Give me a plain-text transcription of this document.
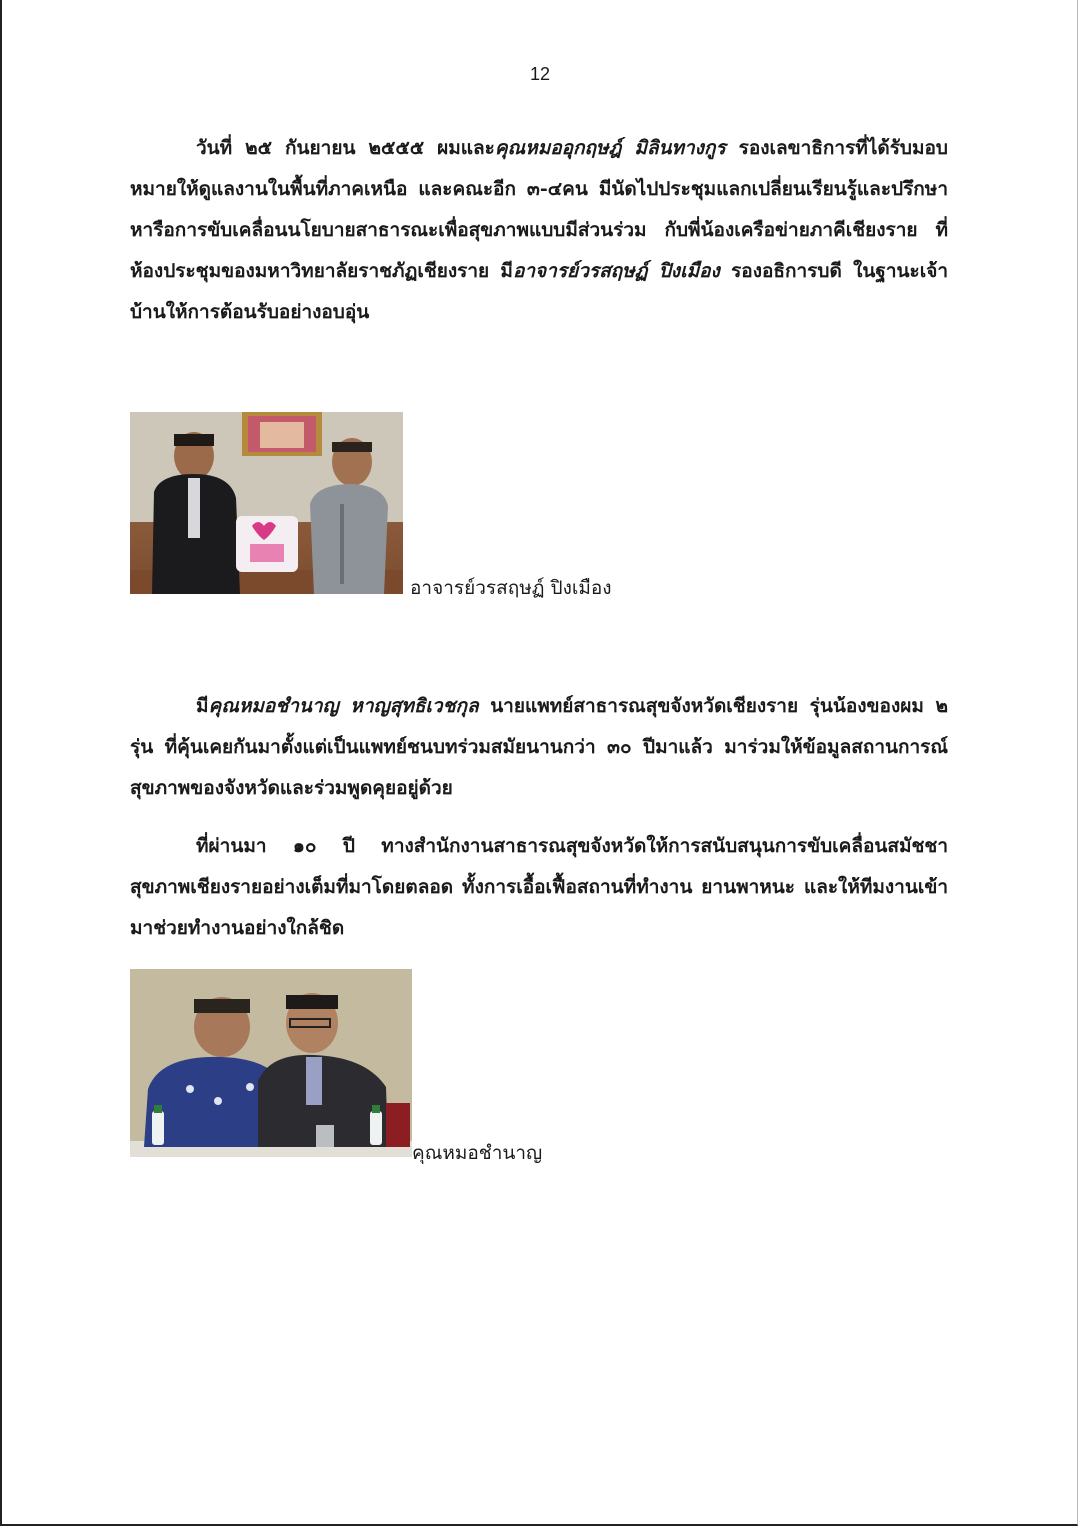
12

วันที่ ๒๕ กันยายน ๒๕๕๕ ผมและคุณหมออุกฤษฎ์ มิลินทางกูร รองเลขาธิการที่ได้รับมอบหมายให้ดูแลงานในพื้นที่ภาคเหนือ และคณะอีก ๓-๔คน มีนัดไปประชุมแลกเปลี่ยนเรียนรู้และปรึกษาหารือการขับเคลื่อนนโยบายสาธารณะเพื่อสุขภาพแบบมีส่วนร่วม กับพี่น้องเครือข่ายภาคีเชียงราย ที่ห้องประชุมของมหาวิทยาลัยราชภัฏเชียงราย มีอาจารย์วรสฤษฏ์ ปิงเมือง รองอธิการบดี ในฐานะเจ้าบ้านให้การต้อนรับอย่างอบอุ่น

อาจารย์วรสฤษฏ์ ปิงเมือง

มีคุณหมอชำนาญ หาญสุทธิเวชกุล นายแพทย์สาธารณสุขจังหวัดเชียงราย รุ่นน้องของผม ๒ รุ่น ที่คุ้นเคยกันมาตั้งแต่เป็นแพทย์ชนบทร่วมสมัยนานกว่า ๓๐ ปีมาแล้ว มาร่วมให้ข้อมูลสถานการณ์สุขภาพของจังหวัดและร่วมพูดคุยอยู่ด้วย

ที่ผ่านมา ๑๐ ปี ทางสำนักงานสาธารณสุขจังหวัดให้การสนับสนุนการขับเคลื่อนสมัชชาสุขภาพเชียงรายอย่างเต็มที่มาโดยตลอด ทั้งการเอื้อเฟื้อสถานที่ทำงาน ยานพาหนะ และให้ทีมงานเข้ามาช่วยทำงานอย่างใกล้ชิด

คุณหมอชำนาญ
